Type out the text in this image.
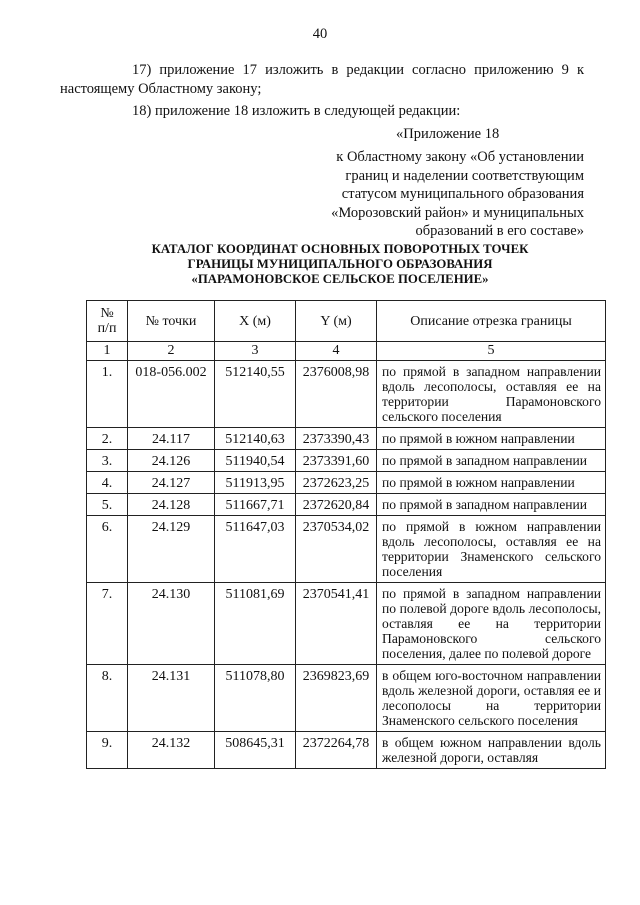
40
17) приложение 17 изложить в редакции согласно приложению 9 к
настоящему Областному закону;
18) приложение 18 изложить в следующей редакции:
«Приложение 18
к Областному закону «Об установлении
границ и наделении соответствующим
статусом муниципального образования
«Морозовский район» и муниципальных
образований в его составе»
КАТАЛОГ КООРДИНАТ ОСНОВНЫХ ПОВОРОТНЫХ ТОЧЕК
ГРАНИЦЫ МУНИЦИПАЛЬНОГО ОБРАЗОВАНИЯ
«ПАРАМОНОВСКОЕ СЕЛЬСКОЕ ПОСЕЛЕНИЕ»
№
п/п	№ точки	X (м)	Y (м)	Описание отрезка границы
1	2	3	4	5
1.	018-056.002	512140,55	2376008,98	по прямой в западном направлении вдоль лесополосы, оставляя ее на территории Парамоновского сельского поселения
2.	24.117	512140,63	2373390,43	по прямой в южном направлении
3.	24.126	511940,54	2373391,60	по прямой в западном направлении
4.	24.127	511913,95	2372623,25	по прямой в южном направлении
5.	24.128	511667,71	2372620,84	по прямой в западном направлении
6.	24.129	511647,03	2370534,02	по прямой в южном направлении вдоль лесополосы, оставляя ее на территории Знаменского сельского поселения
7.	24.130	511081,69	2370541,41	по прямой в западном направлении по полевой дороге вдоль лесополосы, оставляя ее на территории Парамоновского сельского поселения, далее по полевой дороге
8.	24.131	511078,80	2369823,69	в общем юго-восточном направлении вдоль железной дороги, оставляя ее и лесополосы на территории Знаменского сельского поселения
9.	24.132	508645,31	2372264,78	в общем южном направлении вдоль железной дороги, оставляя
